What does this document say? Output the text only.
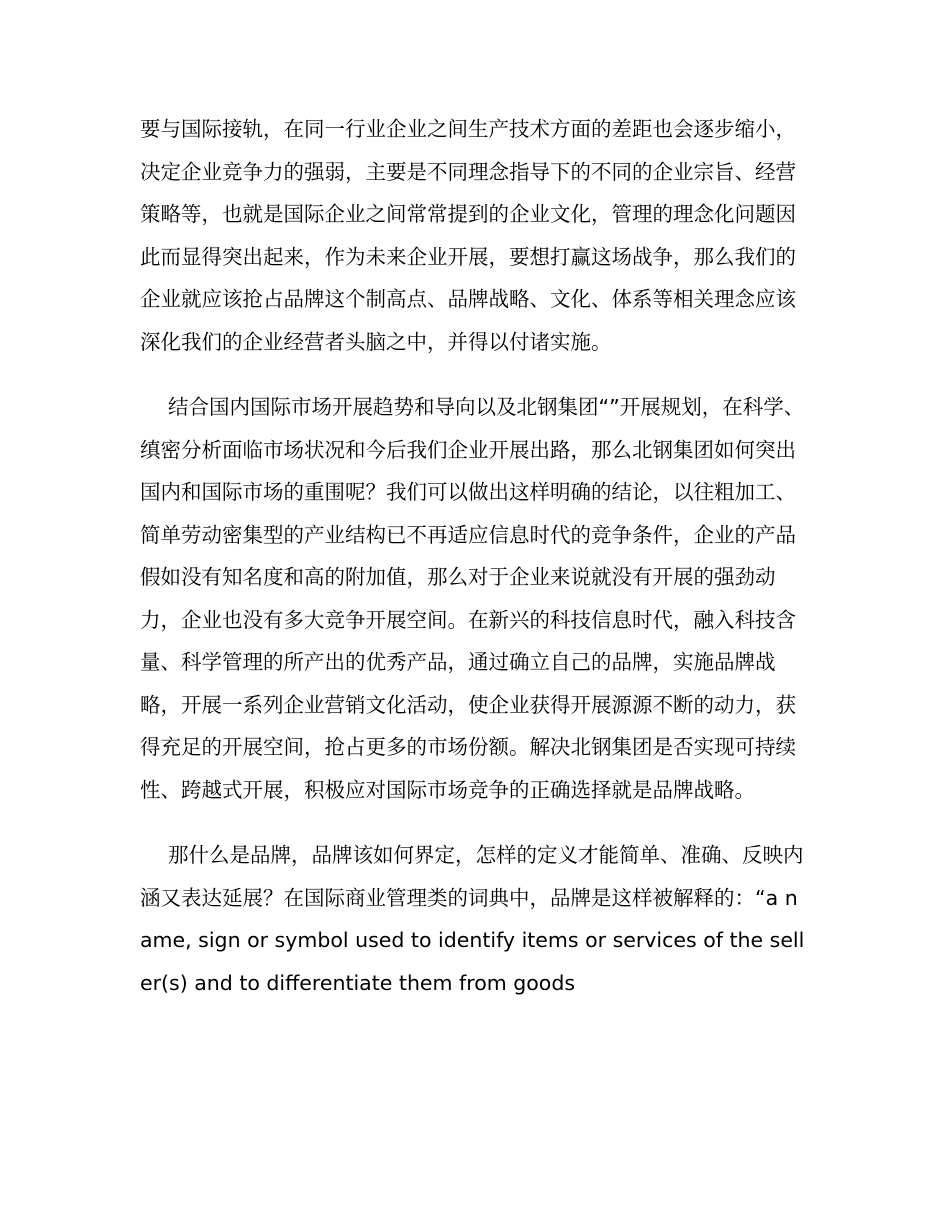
要与国际接轨，在同一行业企业之间生产技术方面的差距也会逐步缩小，决定企业竞争力的强弱，主要是不同理念指导下的不同的企业宗旨、经营策略等，也就是国际企业之间常常提到的企业文化，管理的理念化问题因此而显得突出起来，作为未来企业开展，要想打赢这场战争，那么我们的企业就应该抢占品牌这个制高点、品牌战略、文化、体系等相关理念应该深化我们的企业经营者头脑之中，并得以付诸实施。

结合国内国际市场开展趋势和导向以及北钢集团“”开展规划，在科学、缜密分析面临市场状况和今后我们企业开展出路，那么北钢集团如何突出国内和国际市场的重围呢？我们可以做出这样明确的结论，以往粗加工、简单劳动密集型的产业结构已不再适应信息时代的竞争条件，企业的产品假如没有知名度和高的附加值，那么对于企业来说就没有开展的强劲动力，企业也没有多大竞争开展空间。在新兴的科技信息时代，融入科技含量、科学管理的所产出的优秀产品，通过确立自己的品牌，实施品牌战略，开展一系列企业营销文化活动，使企业获得开展源源不断的动力，获得充足的开展空间，抢占更多的市场份额。解决北钢集团是否实现可持续性、跨越式开展，积极应对国际市场竞争的正确选择就是品牌战略。

那什么是品牌，品牌该如何界定，怎样的定义才能简单、准确、反映内涵又表达延展？在国际商业管理类的词典中，品牌是这样被解释的：“a name, sign or symbol used to identify items or services of the seller(s) and to differentiate them from goods
